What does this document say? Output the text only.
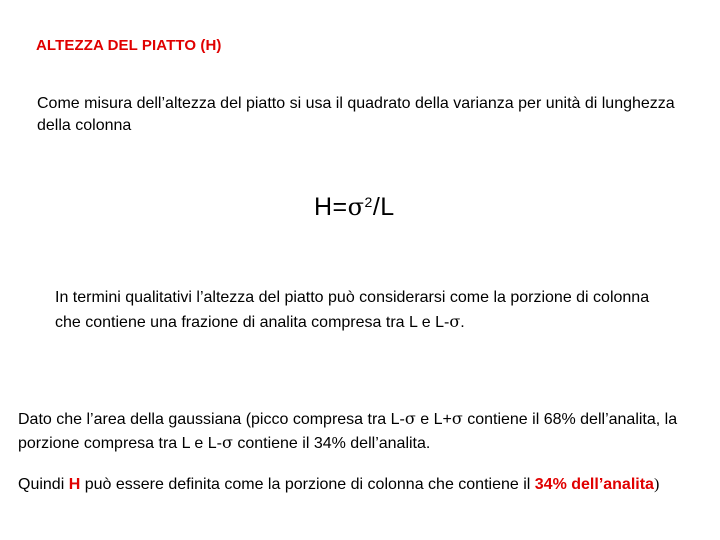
ALTEZZA DEL PIATTO (H)
Come misura dell’altezza del piatto si usa il quadrato della varianza per unità di lunghezza della colonna
$H=\sigma^2/L$
In termini qualitativi l’altezza del piatto può considerarsi come la porzione di colonna che contiene una frazione di analita compresa tra L e L-σ.
Dato che l’area della gaussiana (picco compresa tra L-σ e L+σ contiene il 68% dell’analita, la porzione compresa tra L e L-σ contiene il 34% dell’analita.
Quindi H può essere definita come la porzione di colonna che contiene il 34% dell’analita)
